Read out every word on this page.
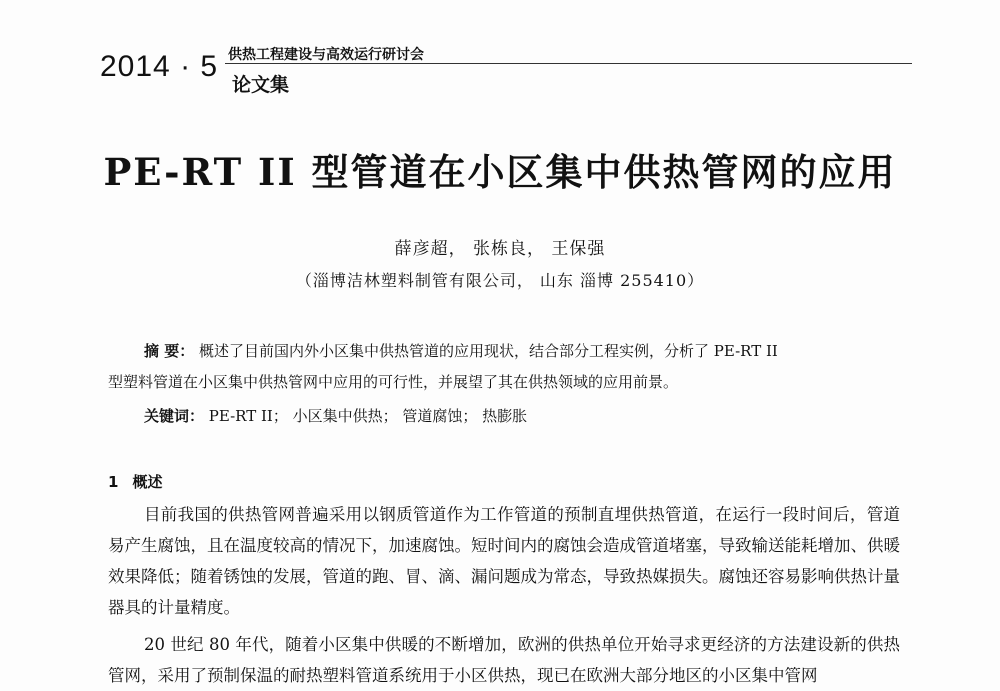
2014 · 5 供热工程建设与高效运行研讨会
论文集
PE-RT II 型管道在小区集中供热管网的应用
薛彦超， 张栋良， 王保强
（淄博洁林塑料制管有限公司， 山东 淄博 255410）
摘 要： 概述了目前国内外小区集中供热管道的应用现状，结合部分工程实例，分析了 PE-RT II
型塑料管道在小区集中供热管网中应用的可行性，并展望了其在供热领域的应用前景。
关键词： PE-RT II； 小区集中供热； 管道腐蚀； 热膨胀
1 概述
目前我国的供热管网普遍采用以钢质管道作为工作管道的预制直埋供热管道，在运行一段时间后，管道易产生腐蚀，且在温度较高的情况下，加速腐蚀。短时间内的腐蚀会造成管道堵塞，导致输送能耗增加、供暖效果降低；随着锈蚀的发展，管道的跑、冒、滴、漏问题成为常态，导致热媒损失。腐蚀还容易影响供热计量器具的计量精度。
20 世纪 80 年代，随着小区集中供暖的不断增加，欧洲的供热单位开始寻求更经济的方法建设新的供热管网，采用了预制保温的耐热塑料管道系统用于小区供热，现已在欧洲大部分地区的小区集中管网
